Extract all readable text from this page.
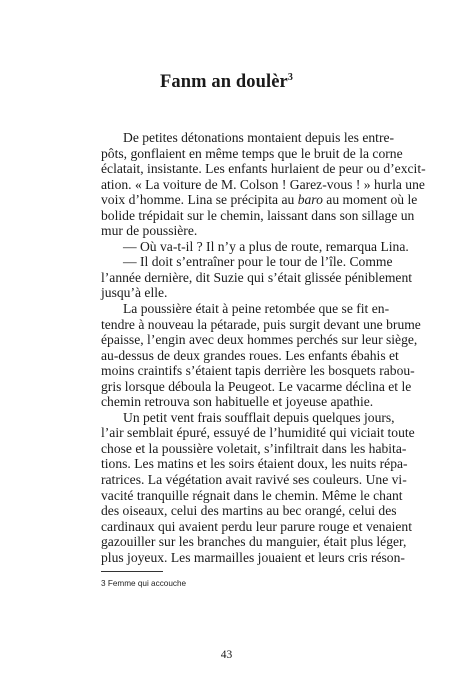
Fanm an doulèr$^3$
De petites détonations montaient depuis les entre-
pôts, gonflaient en même temps que le bruit de la corne
éclatait, insistante. Les enfants hurlaient de peur ou d’excit-
ation. « La voiture de M. Colson ! Garez-vous ! » hurla une
voix d’homme. Lina se précipita au baro au moment où le
bolide trépidait sur le chemin, laissant dans son sillage un
mur de poussière.
— Où va-t-il ? Il n’y a plus de route, remarqua Lina.
— Il doit s’entraîner pour le tour de l’île. Comme
l’année dernière, dit Suzie qui s’était glissée péniblement
jusqu’à elle.
La poussière était à peine retombée que se fit en-
tendre à nouveau la pétarade, puis surgit devant une brume
épaisse, l’engin avec deux hommes perchés sur leur siège,
au-dessus de deux grandes roues. Les enfants ébahis et
moins craintifs s’étaient tapis derrière les bosquets rabou-
gris lorsque déboula la Peugeot. Le vacarme déclina et le
chemin retrouva son habituelle et joyeuse apathie.
Un petit vent frais soufflait depuis quelques jours,
l’air semblait épuré, essuyé de l’humidité qui viciait toute
chose et la poussière voletait, s’infiltrait dans les habita-
tions. Les matins et les soirs étaient doux, les nuits répa-
ratrices. La végétation avait ravivé ses couleurs. Une vi-
vacité tranquille régnait dans le chemin. Même le chant
des oiseaux, celui des martins au bec orangé, celui des
cardinaux qui avaient perdu leur parure rouge et venaient
gazouiller sur les branches du manguier, était plus léger,
plus joyeux. Les marmailles jouaient et leurs cris réson-
3 Femme qui accouche
43
